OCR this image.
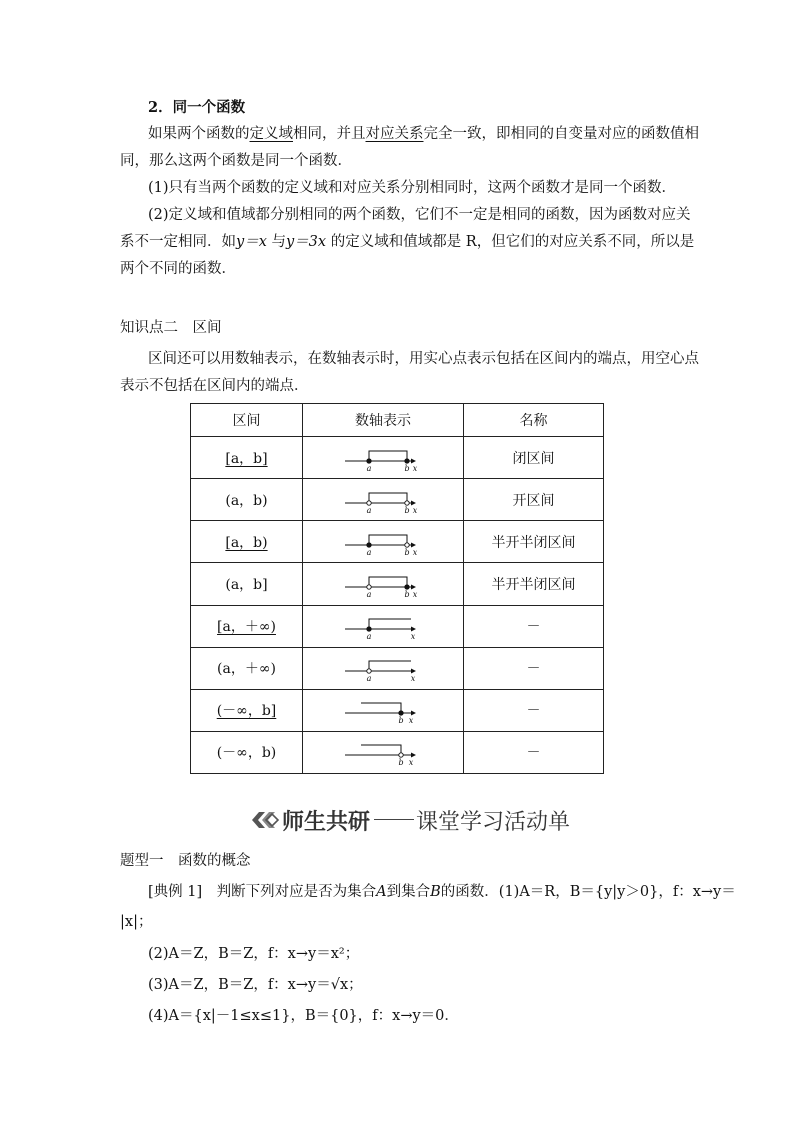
2．同一个函数
如果两个函数的定义域相同，并且对应关系完全一致，即相同的自变量对应的函数值相
同，那么这两个函数是同一个函数．
(1)只有当两个函数的定义域和对应关系分别相同时，这两个函数才是同一个函数．
(2)定义域和值域都分别相同的两个函数，它们不一定是相同的函数，因为函数对应关
系不一定相同．如y＝x 与y＝3x 的定义域和值域都是 R，但它们的对应关系不同，所以是
两个不同的函数．
知识点二　区间
区间还可以用数轴表示，在数轴表示时，用实心点表示包括在区间内的端点，用空心点
表示不包括在区间内的端点．
区间	数轴表示	名称
[a，b]	a b x	闭区间
(a，b)	a b x	开区间
[a，b)	a b x	半开半闭区间
(a，b]	a b x	半开半闭区间
[a，＋∞)	a x	－
(a，＋∞)	a x	－
(－∞，b]	b x	－
(－∞，b)	b x	－
师生共研 课堂学习活动单
题型一　函数的概念
[典例 1]　判断下列对应是否为集合A到集合B的函数．(1)A＝R，B＝{y|y＞0}，f：x→y＝
|x|；
(2)A＝Z，B＝Z，f：x→y＝x²；
(3)A＝Z，B＝Z，f：x→y＝√x；
(4)A＝{x|－1≤x≤1}，B＝{0}，f：x→y＝0．
